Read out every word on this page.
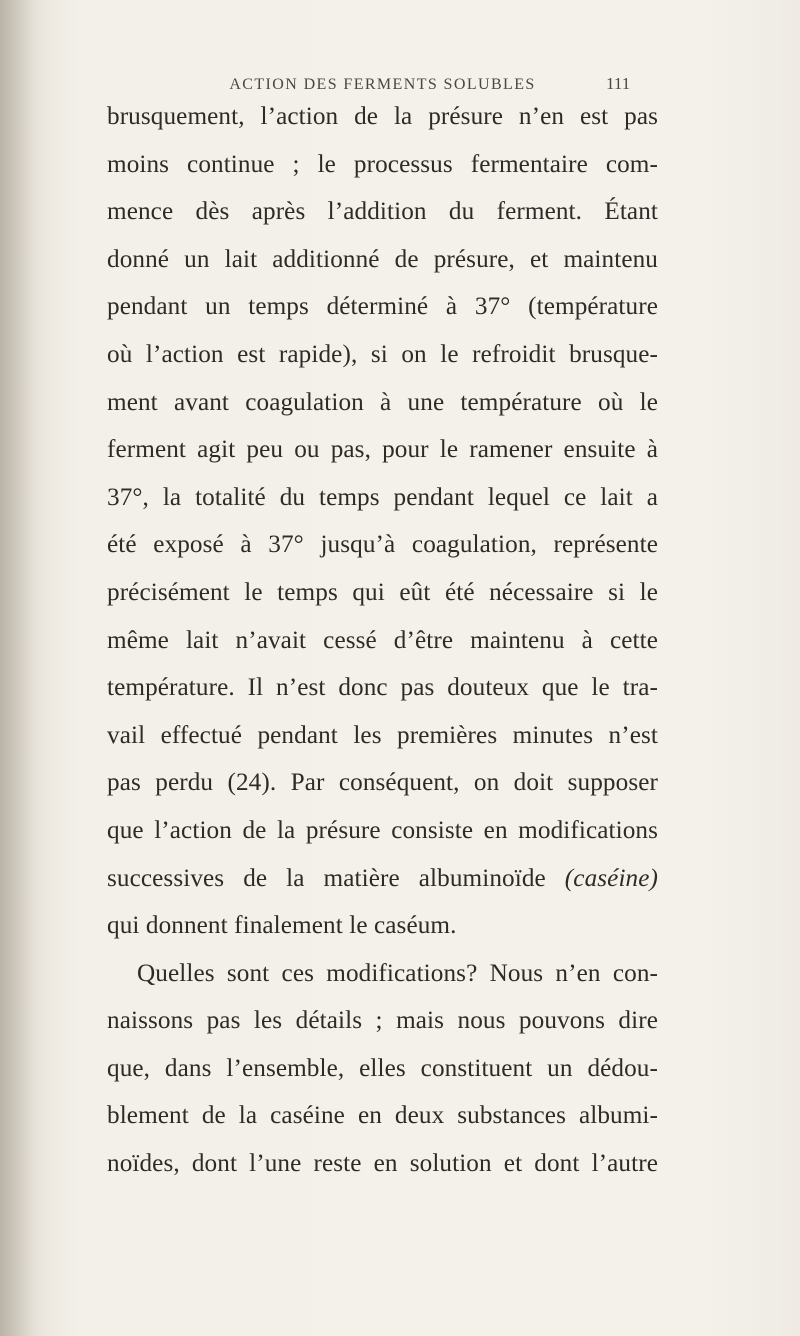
ACTION DES FERMENTS SOLUBLES	111
brusquement, l’action de la présure n’en est pas
moins continue ; le processus fermentaire com-
mence dès après l’addition du ferment. Étant
donné un lait additionné de présure, et maintenu
pendant un temps déterminé à 37° (température
où l’action est rapide), si on le refroidit brusque-
ment avant coagulation à une température où le
ferment agit peu ou pas, pour le ramener ensuite à
37°, la totalité du temps pendant lequel ce lait a
été exposé à 37° jusqu’à coagulation, représente
précisément le temps qui eût été nécessaire si le
même lait n’avait cessé d’être maintenu à cette
température. Il n’est donc pas douteux que le tra-
vail effectué pendant les premières minutes n’est
pas perdu (24). Par conséquent, on doit supposer
que l’action de la présure consiste en modifications
successives de la matière albuminoïde (caséine)
qui donnent finalement le caséum.
Quelles sont ces modifications? Nous n’en con-
naissons pas les détails ; mais nous pouvons dire
que, dans l’ensemble, elles constituent un dédou-
blement de la caséine en deux substances albumi-
noïdes, dont l’une reste en solution et dont l’autre
